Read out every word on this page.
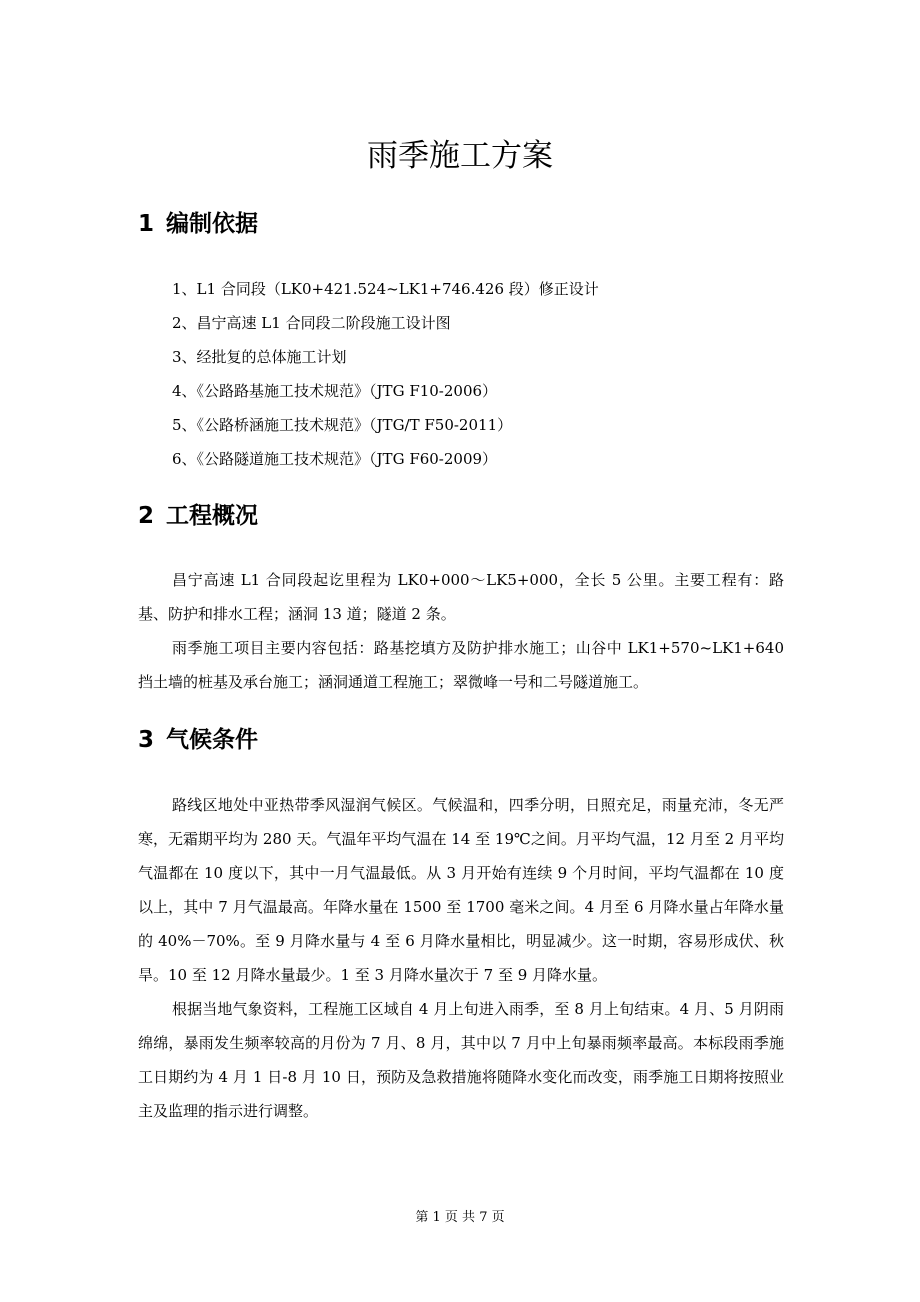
雨季施工方案
1 编制依据
1、L1 合同段（LK0+421.524~LK1+746.426 段）修正设计
2、昌宁高速 L1 合同段二阶段施工设计图
3、经批复的总体施工计划
4、《公路路基施工技术规范》（JTG F10-2006）
5、《公路桥涵施工技术规范》（JTG/T F50-2011）
6、《公路隧道施工技术规范》（JTG F60-2009）
2 工程概况

昌宁高速 L1 合同段起讫里程为 LK0+000～LK5+000，全长 5 公里。主要工程有：路基、防护和排水工程；涵洞 13 道；隧道 2 条。

雨季施工项目主要内容包括：路基挖填方及防护排水施工；山谷中 LK1+570~LK1+640 挡土墙的桩基及承台施工；涵洞通道工程施工；翠微峰一号和二号隧道施工。

3 气候条件

路线区地处中亚热带季风湿润气候区。气候温和，四季分明，日照充足，雨量充沛，冬无严寒，无霜期平均为 280 天。气温年平均气温在 14 至 19℃之间。月平均气温，12 月至 2 月平均气温都在 10 度以下，其中一月气温最低。从 3 月开始有连续 9 个月时间，平均气温都在 10 度以上，其中 7 月气温最高。年降水量在 1500 至 1700 毫米之间。4 月至 6 月降水量占年降水量的 40%－70%。至 9 月降水量与 4 至 6 月降水量相比，明显减少。这一时期，容易形成伏、秋旱。10 至 12 月降水量最少。1 至 3 月降水量次于 7 至 9 月降水量。

根据当地气象资料，工程施工区域自 4 月上旬进入雨季，至 8 月上旬结束。4 月、5 月阴雨绵绵，暴雨发生频率较高的月份为 7 月、8 月，其中以 7 月中上旬暴雨频率最高。本标段雨季施工日期约为 4 月 1 日-8 月 10 日，预防及急救措施将随降水变化而改变，雨季施工日期将按照业主及监理的指示进行调整。

第 1 页 共 7 页
